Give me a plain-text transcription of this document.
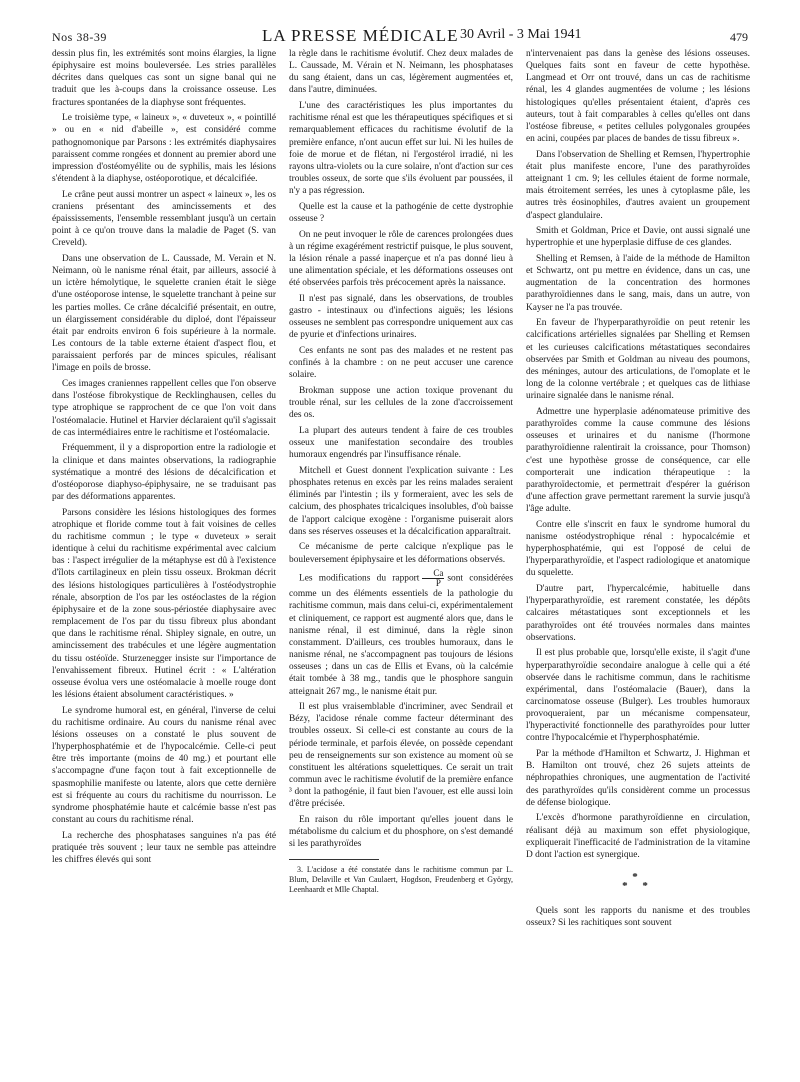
Nos 38-39	LA PRESSE MÉDICALE 30 Avril - 3 Mai 1941	479

dessin plus fin, les extrémités sont moins élargies, la ligne épiphysaire est moins bouleversée. Les stries parallèles décrites dans quelques cas sont un signe banal qui ne traduit que les à-coups dans la croissance osseuse. Les fractures spontanées de la diaphyse sont fréquentes.

Le troisième type, « laineux », « duveteux », « pointillé » ou en « nid d'abeille », est considéré comme pathognomonique par Parsons : les extrémités diaphysaires paraissent comme rongées et donnent au premier abord une impression d'ostéomyélite ou de syphilis, mais les lésions s'étendent à la diaphyse, ostéoporotique, et décalcifiée.

Le crâne peut aussi montrer un aspect « laineux », les os craniens présentant des amincissements et des épaississements, l'ensemble ressemblant jusqu'à un certain point à ce qu'on trouve dans la maladie de Paget (S. van Creveld).

Dans une observation de L. Caussade, M. Verain et N. Neimann, où le nanisme rénal était, par ailleurs, associé à un ictère hémolytique, le squelette cranien était le siège d'une ostéoporose intense, le squelette tranchant à peine sur les parties molles. Ce crâne décalcifié présentait, en outre, un élargissement considérable du diploé, dont l'épaisseur était par endroits environ 6 fois supérieure à la normale. Les contours de la table externe étaient d'aspect flou, et paraissaient perforés par de minces spicules, réalisant l'image en poils de brosse.

Ces images craniennes rappellent celles que l'on observe dans l'ostéose fibrokystique de Recklinghausen, celles du type atrophique se rapprochent de ce que l'on voit dans l'ostéomalacie. Hutinel et Harvier déclaraient qu'il s'agissait de cas intermédiaires entre le rachitisme et l'ostéomalacie.

Fréquemment, il y a disproportion entre la radiologie et la clinique et dans maintes observations, la radiographie systématique a montré des lésions de décalcification et d'ostéoporose diaphyso-épiphysaire, ne se traduisant pas par des déformations apparentes.

Parsons considère les lésions histologiques des formes atrophique et floride comme tout à fait voisines de celles du rachitisme commun ; le type « duveteux » serait identique à celui du rachitisme expérimental avec calcium bas : l'aspect irrégulier de la métaphyse est dû à l'existence d'îlots cartilagineux en plein tissu osseux. Brokman décrit des lésions histologiques particulières à l'ostéodystrophie rénale, absorption de l'os par les ostéoclastes de la région épiphysaire et de la zone sous-périostée diaphysaire avec remplacement de l'os par du tissu fibreux plus abondant que dans le rachitisme rénal. Shipley signale, en outre, un amincissement des trabécules et une légère augmentation du tissu ostéoïde. Sturzenegger insiste sur l'importance de l'envahissement fibreux. Hutinel écrit : « L'altération osseuse évolua vers une ostéomalacie à moelle rouge dont les lésions étaient absolument caractéristiques. »

Le syndrome humoral est, en général, l'inverse de celui du rachitisme ordinaire. Au cours du nanisme rénal avec lésions osseuses on a constaté le plus souvent de l'hyperphosphatémie et de l'hypocalcémie. Celle-ci peut être très importante (moins de 40 mg.) et pourtant elle s'accompagne d'une façon tout à fait exceptionnelle de spasmophilie manifeste ou latente, alors que cette dernière est si fréquente au cours du rachitisme du nourrisson. Le syndrome phosphatémie haute et calcémie basse n'est pas constant au cours du rachitisme rénal.

La recherche des phosphatases sanguines n'a pas été pratiquée très souvent ; leur taux ne semble pas atteindre les chiffres élevés qui sont

la règle dans le rachitisme évolutif. Chez deux malades de L. Caussade, M. Vérain et N. Neimann, les phosphatases du sang étaient, dans un cas, légèrement augmentées et, dans l'autre, diminuées.

L'une des caractéristiques les plus importantes du rachitisme rénal est que les thérapeutiques spécifiques et si remarquablement efficaces du rachitisme évolutif de la première enfance, n'ont aucun effet sur lui. Ni les huiles de foie de morue et de flétan, ni l'ergostérol irradié, ni les rayons ultra-violets ou la cure solaire, n'ont d'action sur ces troubles osseux, de sorte que s'ils évoluent par poussées, il n'y a pas régression.

Quelle est la cause et la pathogénie de cette dystrophie osseuse ?

On ne peut invoquer le rôle de carences prolongées dues à un régime exagérément restrictif puisque, le plus souvent, la lésion rénale a passé inaperçue et n'a pas donné lieu à une alimentation spéciale, et les déformations osseuses ont été observées parfois très précocement après la naissance.

Il n'est pas signalé, dans les observations, de troubles gastro - intestinaux ou d'infections aiguës; les lésions osseuses ne semblent pas correspondre uniquement aux cas de pyurie et d'infections urinaires.

Ces enfants ne sont pas des malades et ne restent pas confinés à la chambre : on ne peut accuser une carence solaire.

Brokman suppose une action toxique provenant du trouble rénal, sur les cellules de la zone d'accroissement des os.

La plupart des auteurs tendent à faire de ces troubles osseux une manifestation secondaire des troubles humoraux engendrés par l'insuffisance rénale.

Mitchell et Guest donnent l'explication suivante : Les phosphates retenus en excès par les reins malades seraient éliminés par l'intestin ; ils y formeraient, avec les sels de calcium, des phosphates tricalciques insolubles, d'où baisse de l'apport calcique exogène : l'organisme puiserait alors dans ses réserves osseuses et la décalcification apparaîtrait.

Ce mécanisme de perte calcique n'explique pas le bouleversement épiphysaire et les déformations observés.

Les modifications du rapport $\frac{Ca}{P}$ sont considérées comme un des éléments essentiels de la pathologie du rachitisme commun, mais dans celui-ci, expérimentalement et cliniquement, ce rapport est augmenté alors que, dans le nanisme rénal, il est diminué, dans la règle sinon constamment. D'ailleurs, ces troubles humoraux, dans le nanisme rénal, ne s'accompagnent pas toujours de lésions osseuses ; dans un cas de Ellis et Evans, où la calcémie était tombée à 38 mg., tandis que le phosphore sanguin atteignait 267 mg., le nanisme était pur.

Il est plus vraisemblable d'incriminer, avec Sendrail et Bézy, l'acidose rénale comme facteur déterminant des troubles osseux. Si celle-ci est constante au cours de la période terminale, et parfois élevée, on possède cependant peu de renseignements sur son existence au moment où se constituent les altérations squelettiques. Ce serait un trait commun avec le rachitisme évolutif de la première enfance ³ dont la pathogénie, il faut bien l'avouer, est elle aussi loin d'être précisée.

En raison du rôle important qu'elles jouent dans le métabolisme du calcium et du phosphore, on s'est demandé si les parathyroïdes

3. L'acidose a été constatée dans le rachitisme commun par L. Blum, Delaville et Van Caulaert, Hogdson, Freudenberg et György, Leenhaardt et Mlle Chaptal.

n'intervenaient pas dans la genèse des lésions osseuses. Quelques faits sont en faveur de cette hypothèse. Langmead et Orr ont trouvé, dans un cas de rachitisme rénal, les 4 glandes augmentées de volume ; les lésions histologiques qu'elles présentaient étaient, d'après ces auteurs, tout à fait comparables à celles qu'elles ont dans l'ostéose fibreuse, « petites cellules polygonales groupées en acini, coupées par places de bandes de tissu fibreux ».

Dans l'observation de Shelling et Remsen, l'hypertrophie était plus manifeste encore, l'une des parathyroïdes atteignant 1 cm. 9; les cellules étaient de forme normale, mais étroitement serrées, les unes à cytoplasme pâle, les autres très éosinophiles, d'autres avaient un groupement d'aspect glandulaire.

Smith et Goldman, Price et Davie, ont aussi signalé une hypertrophie et une hyperplasie diffuse de ces glandes.

Shelling et Remsen, à l'aide de la méthode de Hamilton et Schwartz, ont pu mettre en évidence, dans un cas, une augmentation de la concentration des hormones parathyroïdiennes dans le sang, mais, dans un autre, von Kayser ne l'a pas trouvée.

En faveur de l'hyperparathyroïdie on peut retenir les calcifications artérielles signalées par Shelling et Remsen et les curieuses calcifications métastatiques secondaires observées par Smith et Goldman au niveau des poumons, des méninges, autour des articulations, de l'omoplate et le long de la colonne vertébrale ; et quelques cas de lithiase urinaire signalée dans le nanisme rénal.

Admettre une hyperplasie adénomateuse primitive des parathyroïdes comme la cause commune des lésions osseuses et urinaires et du nanisme (l'hormone parathyroïdienne ralentirait la croissance, pour Thomson) c'est une hypothèse grosse de conséquence, car elle comporterait une indication thérapeutique : la parathyroïdectomie, et permettrait d'espérer la guérison d'une affection grave permettant rarement la survie jusqu'à l'âge adulte.

Contre elle s'inscrit en faux le syndrome humoral du nanisme ostéodystrophique rénal : hypocalcémie et hyperphosphatémie, qui est l'opposé de celui de l'hyperparathyroïdie, et l'aspect radiologique et anatomique du squelette.

D'autre part, l'hypercalcémie, habituelle dans l'hyperparathyroïdie, est rarement constatée, les dépôts calcaires métastatiques sont exceptionnels et les parathyroïdes ont été trouvées normales dans maintes observations.

Il est plus probable que, lorsqu'elle existe, il s'agit d'une hyperparathyroïdie secondaire analogue à celle qui a été observée dans le rachitisme commun, dans le rachitisme expérimental, dans l'ostéomalacie (Bauer), dans la carcinomatose osseuse (Bulger). Les troubles humoraux provoqueraient, par un mécanisme compensateur, l'hyperactivité fonctionnelle des parathyroïdes pour lutter contre l'hypocalcémie et l'hyperphosphatémie.

Par la méthode d'Hamilton et Schwartz, J. Highman et B. Hamilton ont trouvé, chez 26 sujets atteints de néphropathies chroniques, une augmentation de l'activité des parathyroïdes qu'ils considèrent comme un processus de défense biologique.

L'excès d'hormone parathyroïdienne en circulation, réalisant déjà au maximum son effet physiologique, expliquerait l'inefficacité de l'administration de la vitamine D dont l'action est synergique.

*
* *

Quels sont les rapports du nanisme et des troubles osseux? Si les rachitiques sont souvent
